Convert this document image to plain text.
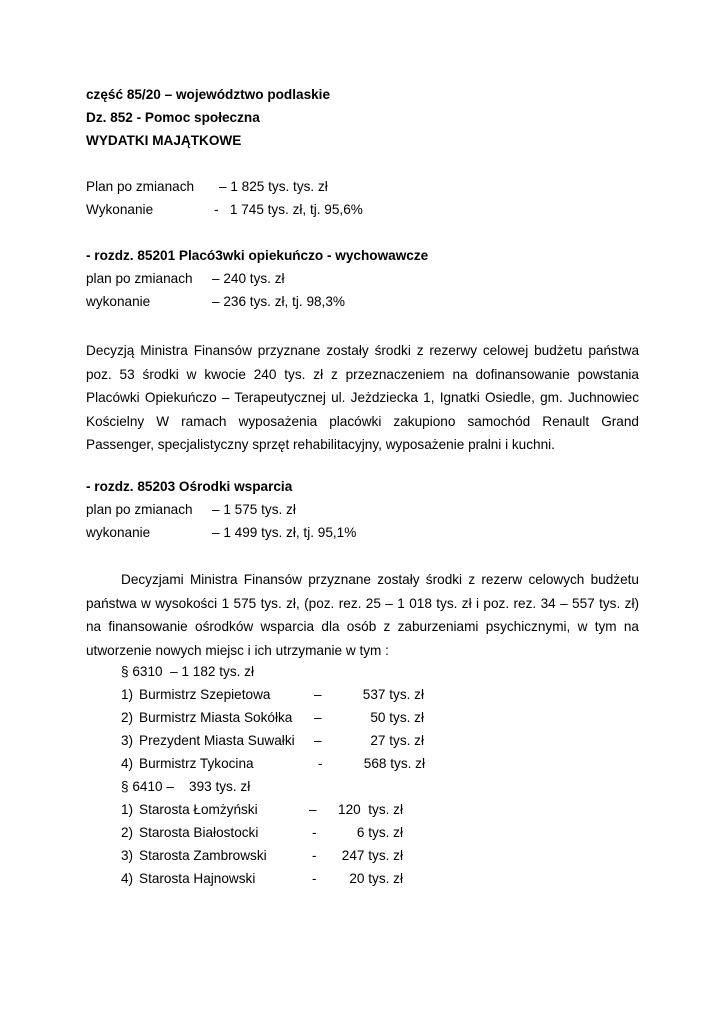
część 85/20 – województwo podlaskie
Dz. 852 - Pomoc społeczna
WYDATKI MAJĄTKOWE
Plan po zmianach – 1 825 tys. tys. zł
Wykonanie	-   1 745 tys. zł, tj. 95,6%
- rozdz. 85201 Placó3wki opiekuńczo - wychowawcze
plan po zmianach – 240 tys. zł
wykonanie	– 236 tys. zł, tj. 98,3%
Decyzją Ministra Finansów przyznane zostały środki z rezerwy celowej budżetu państwa poz. 53 środki w kwocie 240 tys. zł z przeznaczeniem na dofinansowanie powstania Placówki Opiekuńczo – Terapeutycznej ul. Jeżdziecka 1, Ignatki Osiedle, gm. Juchnowiec Kościelny W ramach wyposażenia placówki zakupiono samochód Renault Grand Passenger, specjalistyczny sprzęt rehabilitacyjny, wyposażenie pralni i kuchni.
- rozdz. 85203 Ośrodki wsparcia
plan po zmianach – 1 575 tys. zł
wykonanie	– 1 499 tys. zł, tj. 95,1%
Decyzjami Ministra Finansów przyznane zostały środki z rezerw celowych budżetu państwa w wysokości 1 575 tys. zł, (poz. rez. 25 – 1 018 tys. zł i poz. rez. 34 – 557 tys. zł) na finansowanie ośrodków wsparcia dla osób z zaburzeniami psychicznymi, w tym na utworzenie nowych miejsc i ich utrzymanie w tym :
§ 6310  – 1 182 tys. zł
1) Burmistrz Szepietowa	–	537 tys. zł
2) Burmistrz Miasta Sokółka –	50 tys. zł
3) Prezydent Miasta Suwałki –	27 tys. zł
4) Burmistrz Tykocina	-	568 tys. zł
§ 6410 –    393 tys. zł
1) Starosta Łomżyński	–	120  tys. zł
2) Starosta Białostocki	-	6 tys. zł
3) Starosta Zambrowski	-	247 tys. zł
4) Starosta Hajnowski	-	20 tys. zł
